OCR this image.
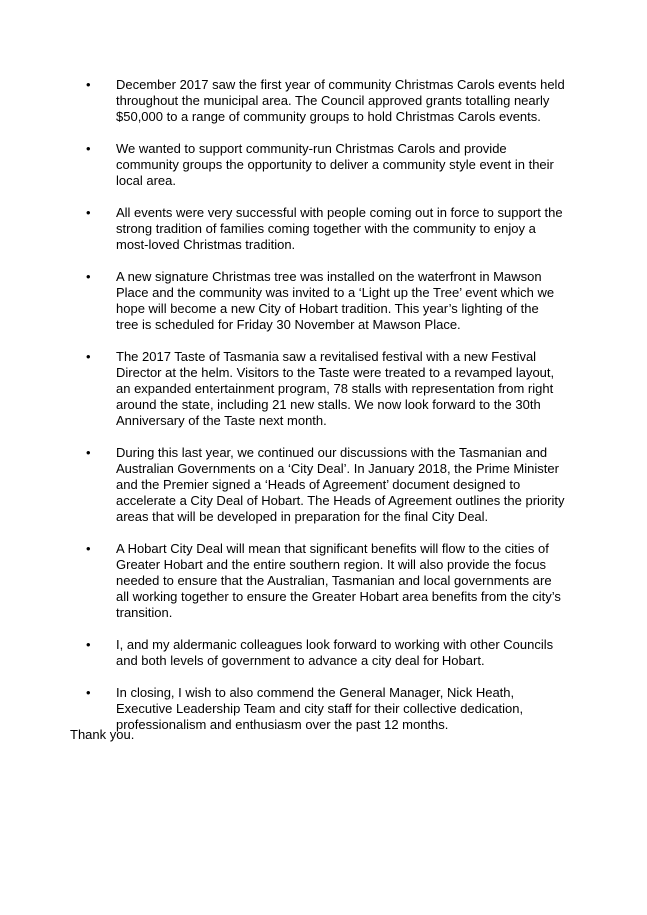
• December 2017 saw the first year of community Christmas Carols events held
throughout the municipal area. The Council approved grants totalling nearly
$50,000 to a range of community groups to hold Christmas Carols events.
• We wanted to support community-run Christmas Carols and provide
community groups the opportunity to deliver a community style event in their
local area.
• All events were very successful with people coming out in force to support the
strong tradition of families coming together with the community to enjoy a
most-loved Christmas tradition.
• A new signature Christmas tree was installed on the waterfront in Mawson
Place and the community was invited to a ‘Light up the Tree’ event which we
hope will become a new City of Hobart tradition. This year’s lighting of the
tree is scheduled for Friday 30 November at Mawson Place.
• The 2017 Taste of Tasmania saw a revitalised festival with a new Festival
Director at the helm. Visitors to the Taste were treated to a revamped layout,
an expanded entertainment program, 78 stalls with representation from right
around the state, including 21 new stalls. We now look forward to the 30th
Anniversary of the Taste next month.
• During this last year, we continued our discussions with the Tasmanian and
Australian Governments on a ‘City Deal’. In January 2018, the Prime Minister
and the Premier signed a ‘Heads of Agreement’ document designed to
accelerate a City Deal of Hobart. The Heads of Agreement outlines the priority
areas that will be developed in preparation for the final City Deal.
• A Hobart City Deal will mean that significant benefits will flow to the cities of
Greater Hobart and the entire southern region. It will also provide the focus
needed to ensure that the Australian, Tasmanian and local governments are
all working together to ensure the Greater Hobart area benefits from the city’s
transition.
• I, and my aldermanic colleagues look forward to working with other Councils
and both levels of government to advance a city deal for Hobart.
• In closing, I wish to also commend the General Manager, Nick Heath,
Executive Leadership Team and city staff for their collective dedication,
professionalism and enthusiasm over the past 12 months.

Thank you.
